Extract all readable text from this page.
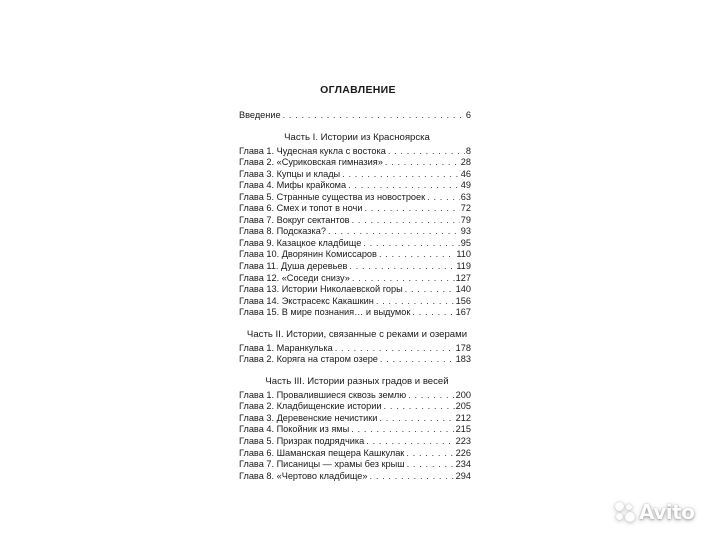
ОГЛАВЛЕНИЕ
Введение . . .	6
Часть I. Истории из Красноярска
Глава 1. Чудесная кукла с востока . . .	8
Глава 2. «Суриковская гимназия» . . .	28
Глава 3. Купцы и клады . . .	46
Глава 4. Мифы крайкома . . .	49
Глава 5. Странные существа из новостроек . . .	63
Глава 6. Смех и топот в ночи . . .	72
Глава 7. Вокруг сектантов . . .	79
Глава 8. Подсказка? . . .	93
Глава 9. Казацкое кладбище . . .	95
Глава 10. Дворянин Комиссаров . . .	110
Глава 11. Душа деревьев . . .	119
Глава 12. «Соседи снизу» . . .	127
Глава 13. Истории Николаевской горы . . .	140
Глава 14. Экстрасекс Какашкин . . .	156
Глава 15. В мире познания… и выдумок . . .	167
Часть II. Истории, связанные с реками и озерами
Глава 1. Маранкулька . . .	178
Глава 2. Коряга на старом озере . . .	183
Часть III. Истории разных градов и весей
Глава 1. Провалившиеся сквозь землю . . .	200
Глава 2. Кладбищенские истории . . .	205
Глава 3. Деревенские нечистики . . .	212
Глава 4. Покойник из ямы . . .	215
Глава 5. Призрак подрядчика . . .	223
Глава 6. Шаманская пещера Кашкулак . . .	226
Глава 7. Писаницы — храмы без крыш . . .	234
Глава 8. «Чертово кладбище» . . .	294
Avito
